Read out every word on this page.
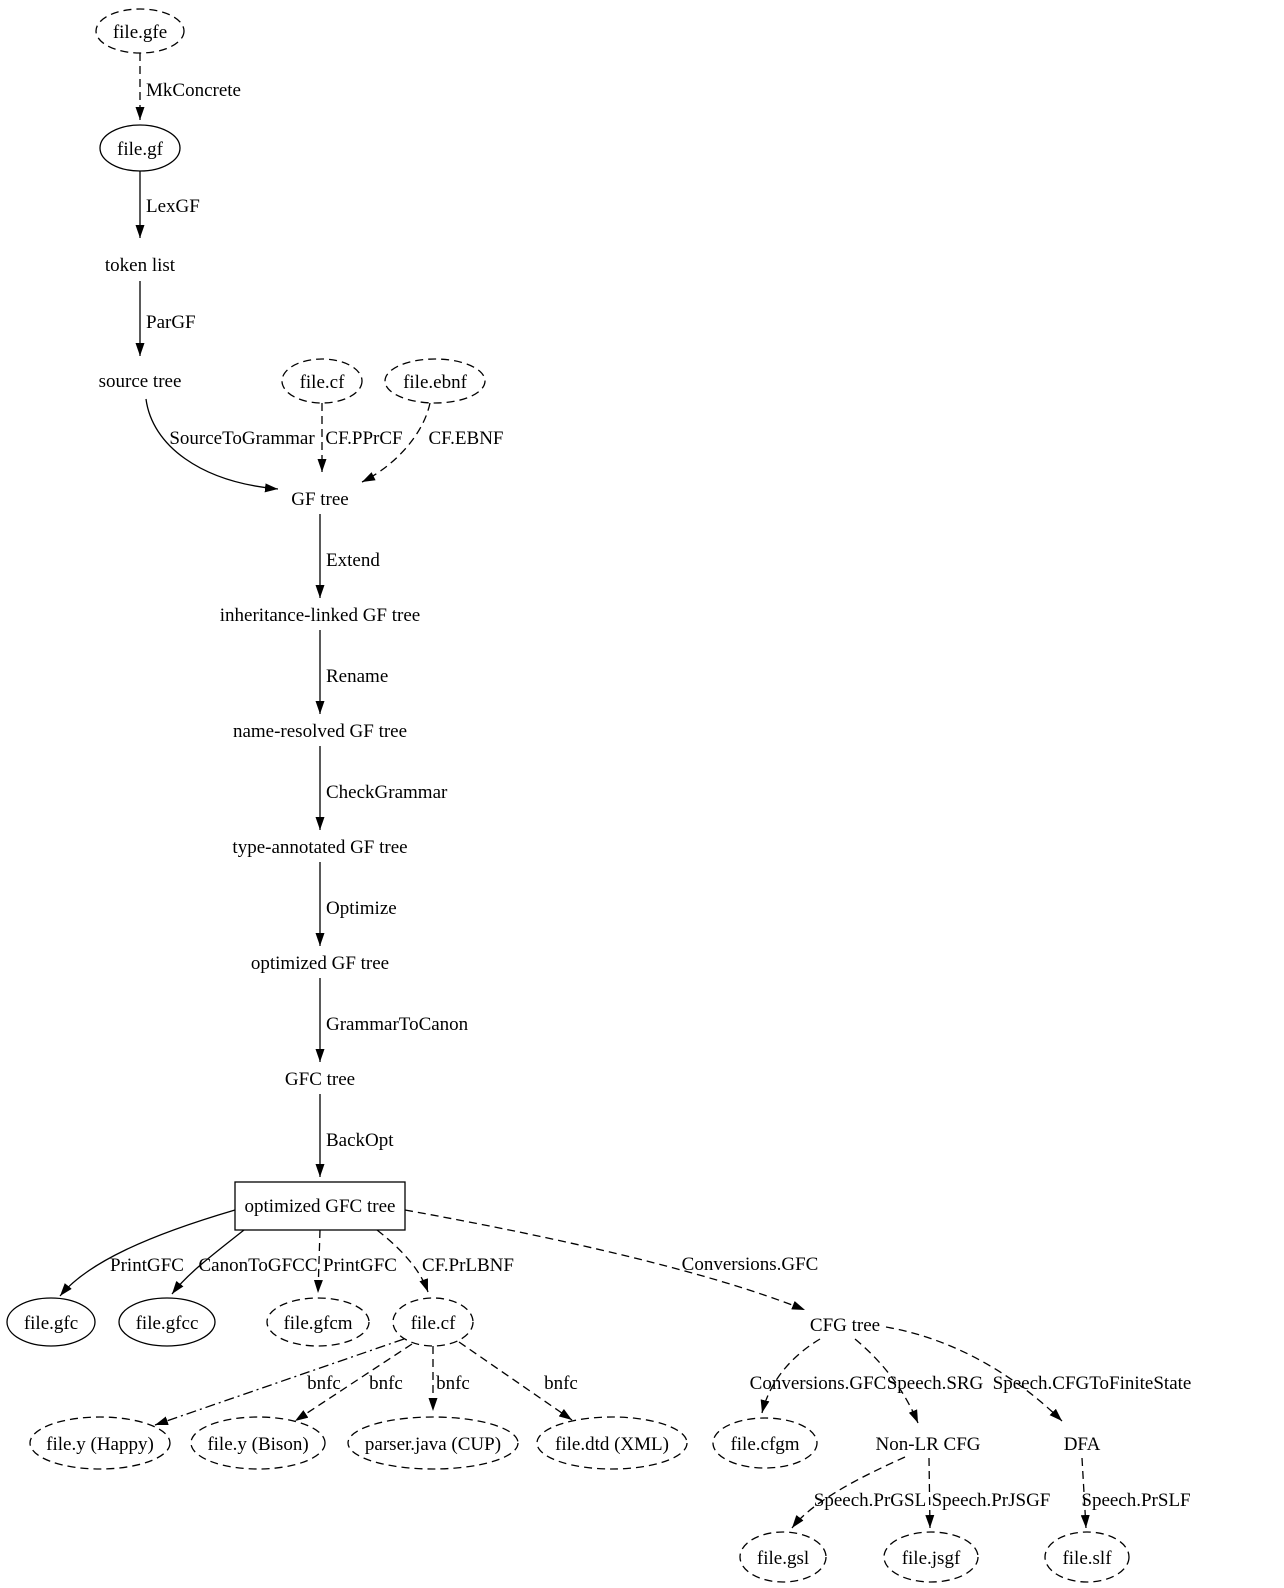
MkConcrete
LexGF
ParGF
SourceToGrammar CF.PPrCF CF.EBNF
Extend
Rename
CheckGrammar
Optimize
GrammarToCanon
BackOpt
PrintGFC CanonToGFCC PrintGFC CF.PrLBNF	Conversions.GFC
bnfc bnfc bnfc	bnfc	Conversions.GFC Speech.SRG Speech.CFGToFiniteState
Speech.PrGSL Speech.PrJSGF Speech.PrSLF
file.gfe
file.gf
token list
source tree	file.cf	file.ebnf
GF tree
inheritance-linked GF tree
name-resolved GF tree
type-annotated GF tree
optimized GF tree
GFC tree
optimized GFC tree
file.gfc	file.gfcc	file.gfcm	file.cf	CFG tree
file.y (Happy)	file.y (Bison)	parser.java (CUP)	file.dtd (XML)	file.cfgm	Non-LR CFG	DFA
file.gsl	file.jsgf	file.slf
